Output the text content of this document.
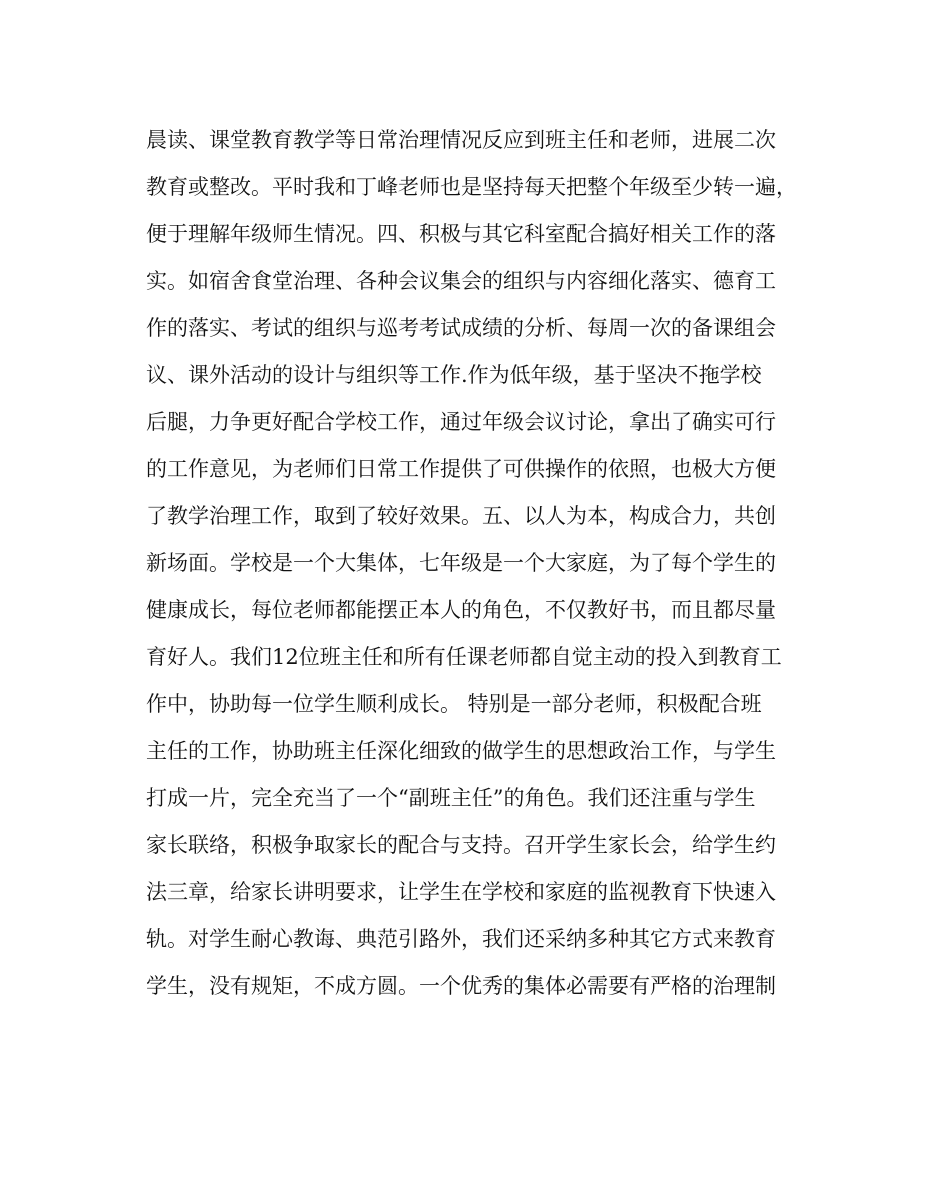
晨读、课堂教育教学等日常治理情况反应到班主任和老师，进展二次
教育或整改。平时我和丁峰老师也是坚持每天把整个年级至少转一遍，
便于理解年级师生情况。四、积极与其它科室配合搞好相关工作的落
实。如宿舍食堂治理、各种会议集会的组织与内容细化落实、德育工
作的落实、考试的组织与巡考考试成绩的分析、每周一次的备课组会
议、课外活动的设计与组织等工作.作为低年级，基于坚决不拖学校
后腿，力争更好配合学校工作，通过年级会议讨论，拿出了确实可行
的工作意见，为老师们日常工作提供了可供操作的依照，也极大方便
了教学治理工作，取到了较好效果。五、以人为本，构成合力，共创
新场面。学校是一个大集体，七年级是一个大家庭，为了每个学生的
健康成长，每位老师都能摆正本人的角色，不仅教好书，而且都尽量
育好人。我们12位班主任和所有任课老师都自觉主动的投入到教育工
作中，协助每一位学生顺利成长。 特别是一部分老师，积极配合班
主任的工作，协助班主任深化细致的做学生的思想政治工作，与学生
打成一片，完全充当了一个“副班主任”的角色。我们还注重与学生
家长联络，积极争取家长的配合与支持。召开学生家长会，给学生约
法三章，给家长讲明要求，让学生在学校和家庭的监视教育下快速入
轨。对学生耐心教诲、典范引路外，我们还采纳多种其它方式来教育
学生，没有规矩，不成方圆。一个优秀的集体必需要有严格的治理制
